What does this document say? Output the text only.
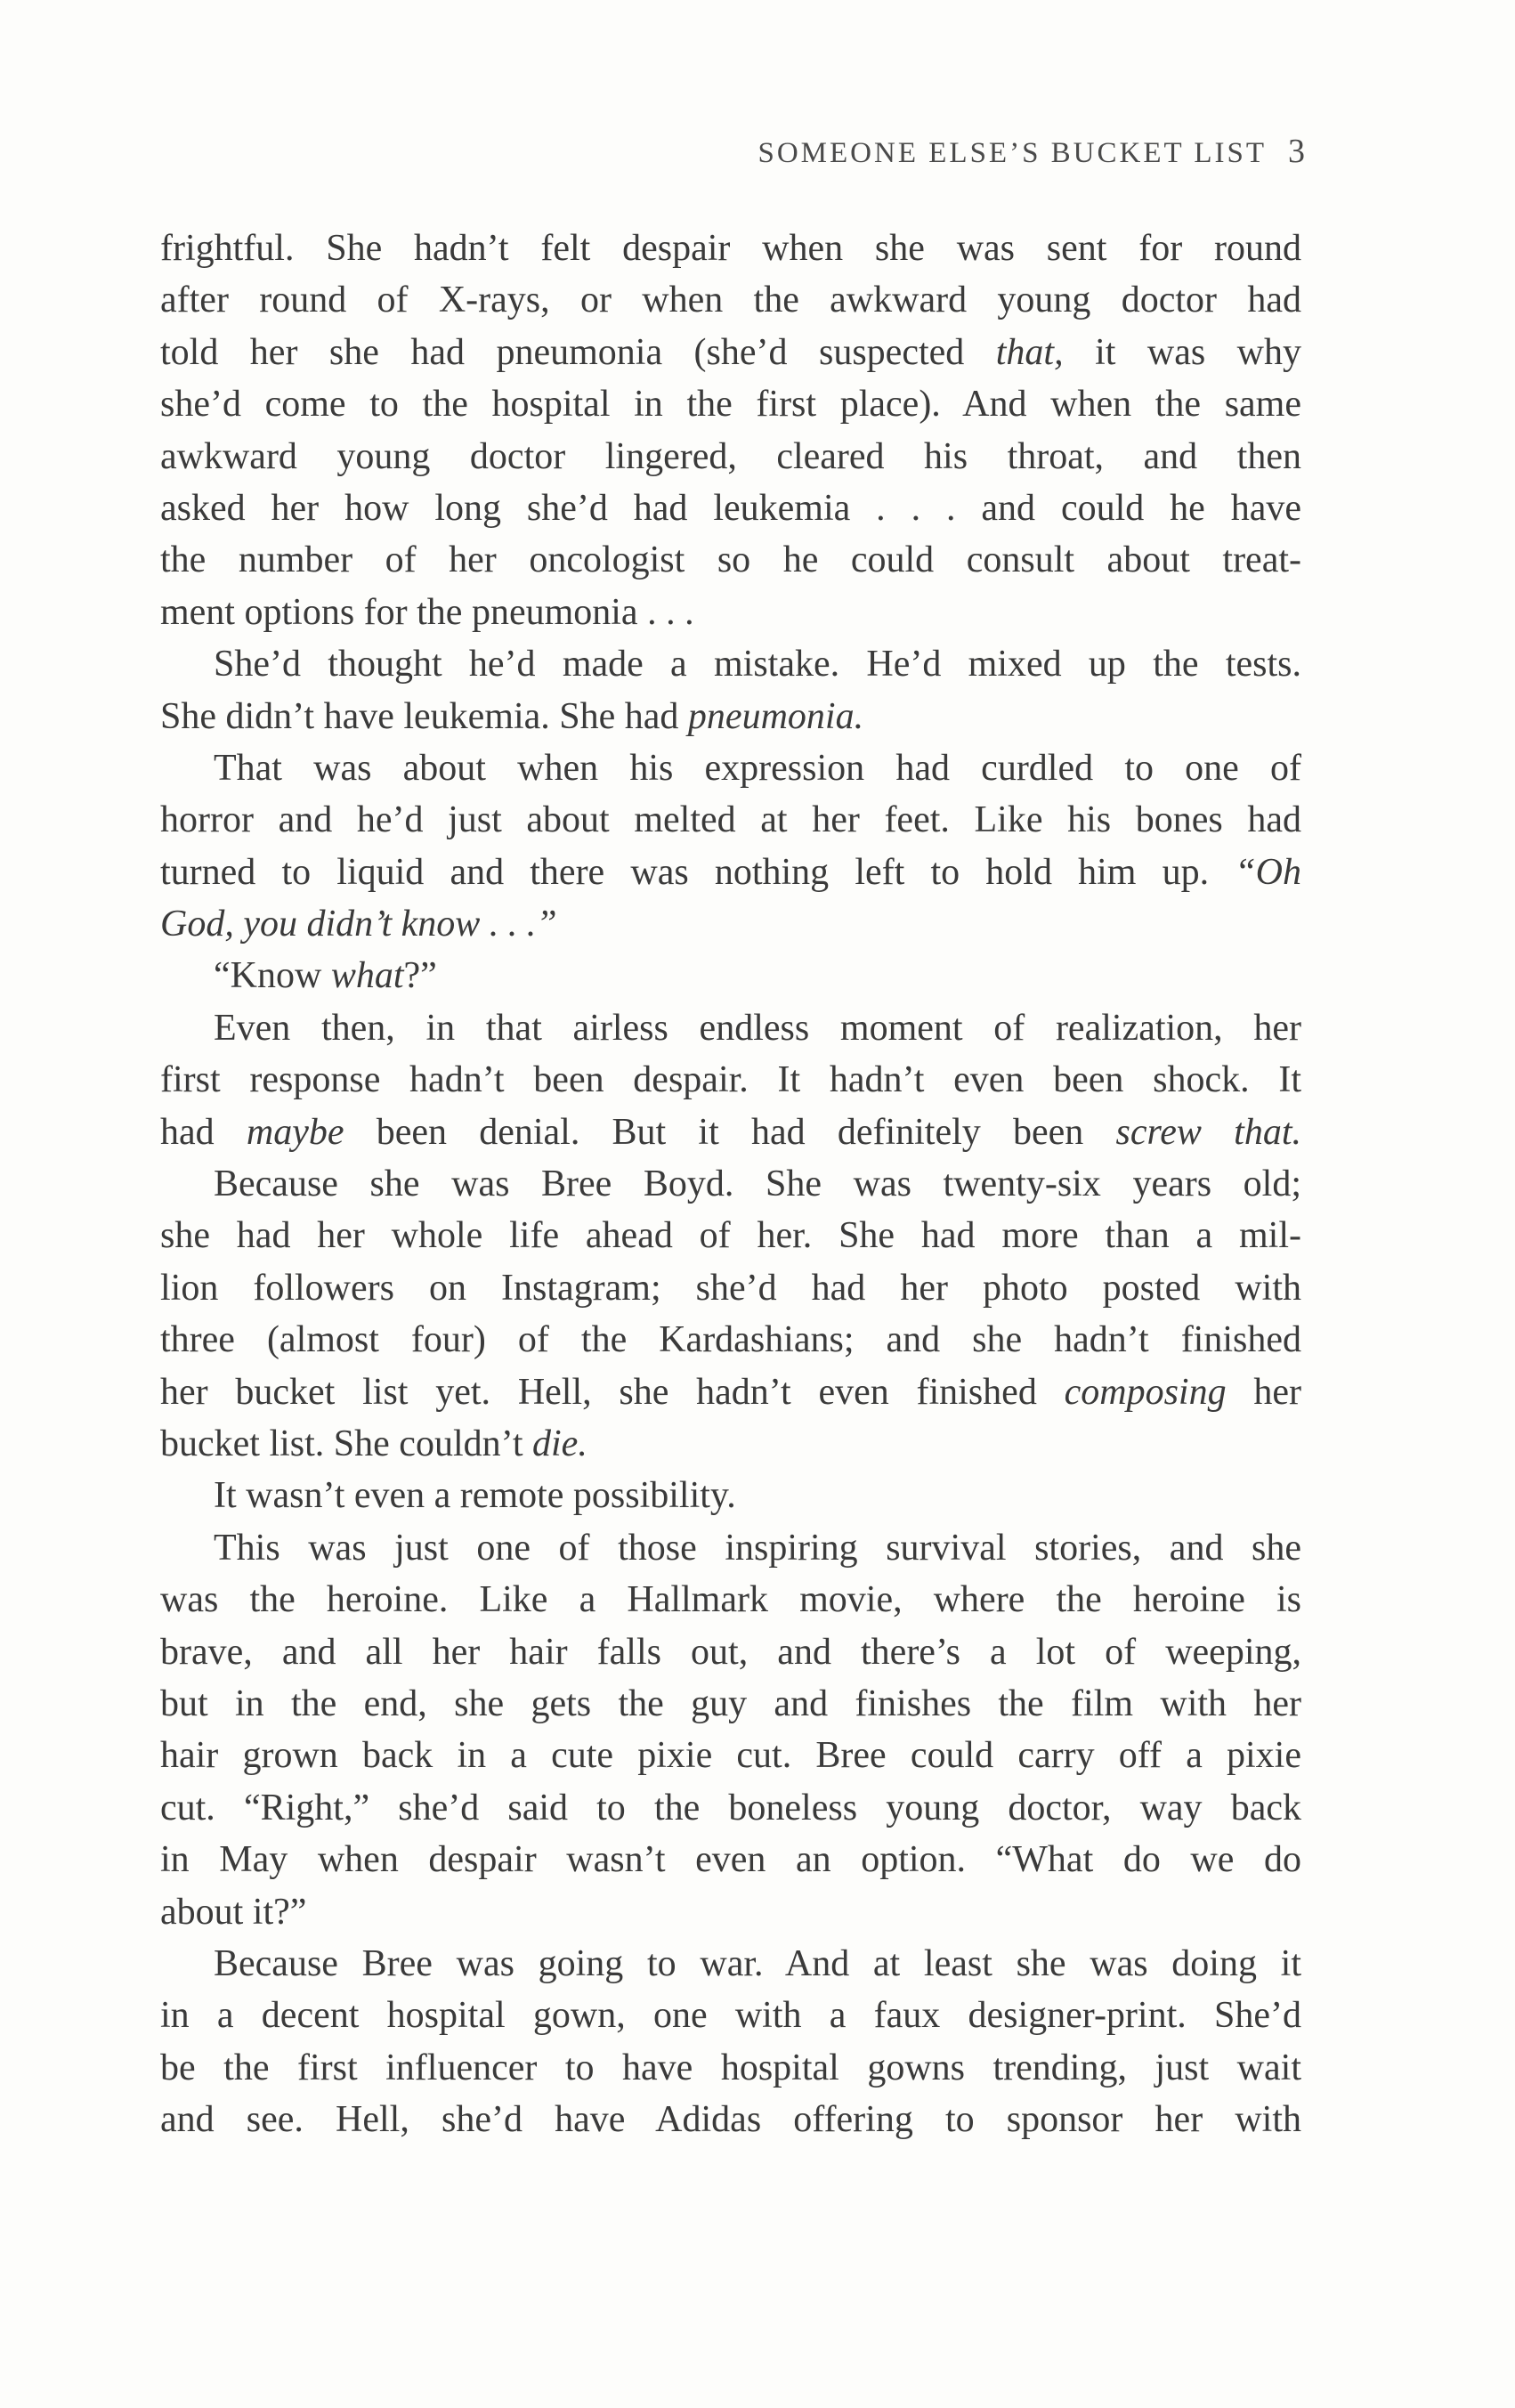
SOMEONE ELSE’S BUCKET LIST 3
frightful. She hadn’t felt despair when she was sent for round
after round of X-rays, or when the awkward young doctor had
told her she had pneumonia (she’d suspected that, it was why
she’d come to the hospital in the first place). And when the same
awkward young doctor lingered, cleared his throat, and then
asked her how long she’d had leukemia . . . and could he have
the number of her oncologist so he could consult about treat-
ment options for the pneumonia . . .
She’d thought he’d made a mistake. He’d mixed up the tests.
She didn’t have leukemia. She had pneumonia.
That was about when his expression had curdled to one of
horror and he’d just about melted at her feet. Like his bones had
turned to liquid and there was nothing left to hold him up. “Oh
God, you didn’t know . . .”
“Know what?”
Even then, in that airless endless moment of realization, her
first response hadn’t been despair. It hadn’t even been shock. It
had maybe been denial. But it had definitely been screw that.
Because she was Bree Boyd. She was twenty-six years old;
she had her whole life ahead of her. She had more than a mil-
lion followers on Instagram; she’d had her photo posted with
three (almost four) of the Kardashians; and she hadn’t finished
her bucket list yet. Hell, she hadn’t even finished composing her
bucket list. She couldn’t die.
It wasn’t even a remote possibility.
This was just one of those inspiring survival stories, and she
was the heroine. Like a Hallmark movie, where the heroine is
brave, and all her hair falls out, and there’s a lot of weeping,
but in the end, she gets the guy and finishes the film with her
hair grown back in a cute pixie cut. Bree could carry off a pixie
cut. “Right,” she’d said to the boneless young doctor, way back
in May when despair wasn’t even an option. “What do we do
about it?”
Because Bree was going to war. And at least she was doing it
in a decent hospital gown, one with a faux designer-print. She’d
be the first influencer to have hospital gowns trending, just wait
and see. Hell, she’d have Adidas offering to sponsor her with
